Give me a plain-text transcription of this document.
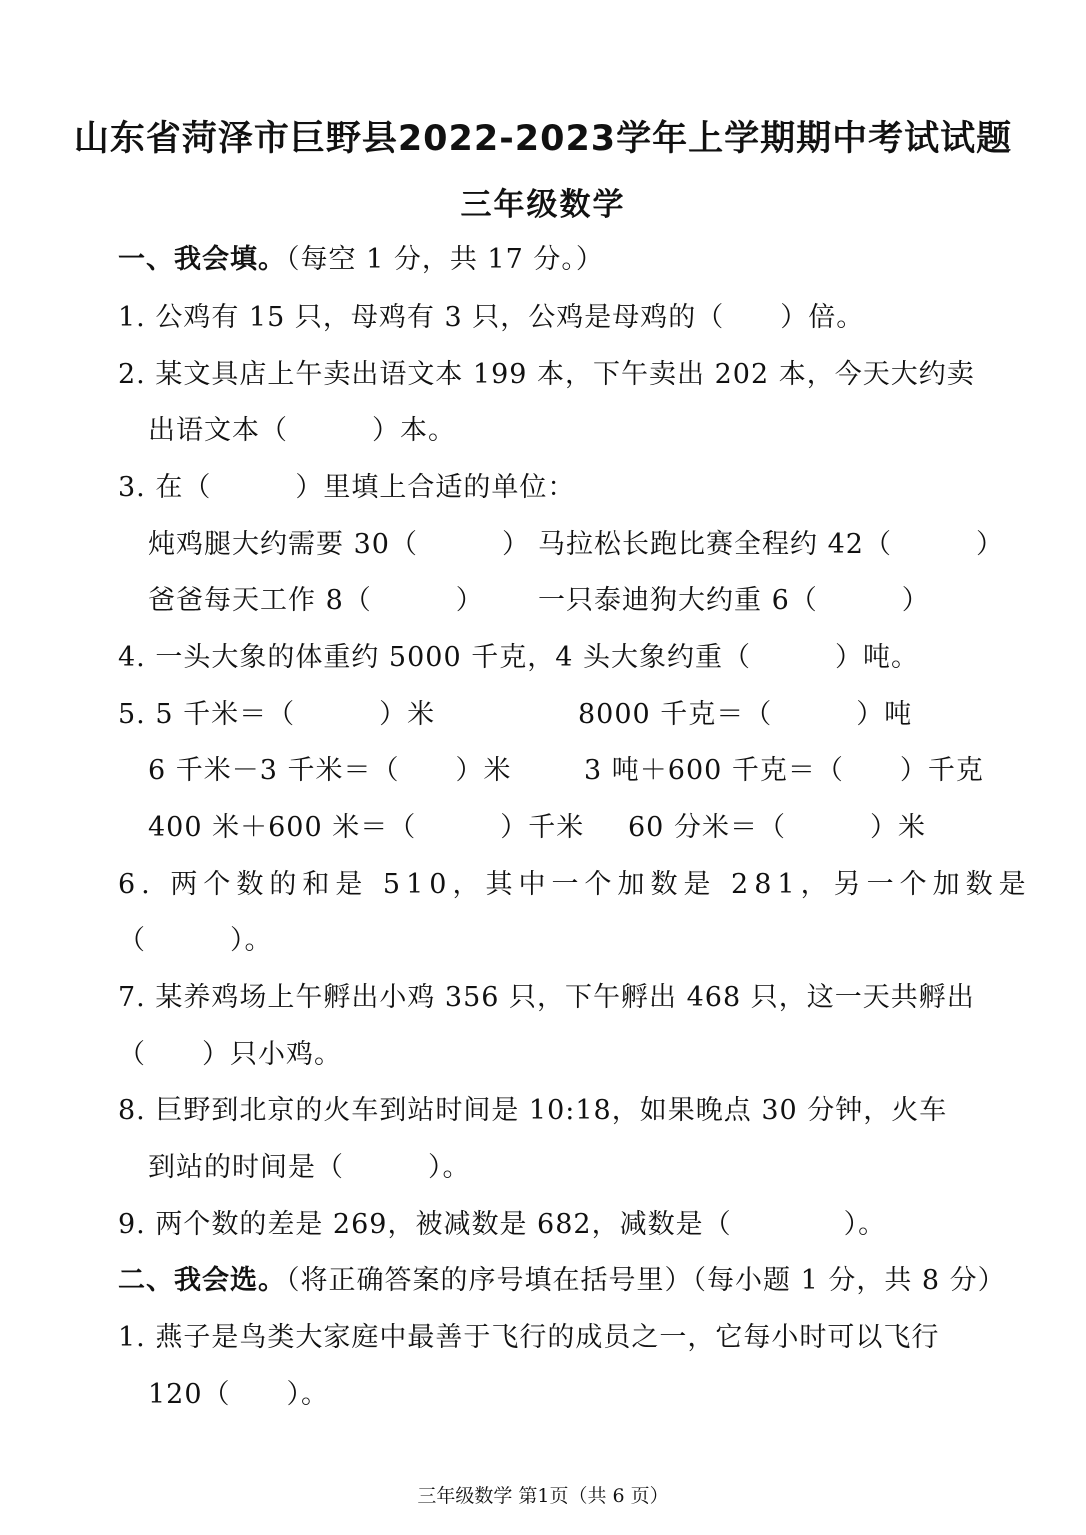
山东省菏泽市巨野县2022-2023学年上学期期中考试试题
三年级数学
一、我会填。（每空 1 分，共 17 分。）
1. 公鸡有 15 只，母鸡有 3 只，公鸡是母鸡的（　　）倍。
2. 某文具店上午卖出语文本 199 本，下午卖出 202 本，今天大约卖
出语文本（　　　）本。
3. 在（　　　）里填上合适的单位：
炖鸡腿大约需要 30（　　　） 马拉松长跑比赛全程约 42（　　　）
爸爸每天工作 8（　　　） 一只泰迪狗大约重 6（　　　）
4. 一头大象的体重约 5000 千克，4 头大象约重（　　　）吨。
5. 5 千米＝（　　　）米	8000 千克＝（　　　）吨
6 千米－3 千米＝（　　）米	3 吨＋600 千克＝（　　）千克
400 米＋600 米＝（　　　）千米 60 分米＝（　　　）米
6. 两个数的和是 510，其中一个加数是 281，另一个加数是
（　　　）。
7. 某养鸡场上午孵出小鸡 356 只，下午孵出 468 只，这一天共孵出
（　　）只小鸡。
8. 巨野到北京的火车到站时间是 10:18，如果晚点 30 分钟，火车
到站的时间是（　　　）。
9. 两个数的差是 269，被减数是 682，减数是（　　　　）。
二、我会选。（将正确答案的序号填在括号里）（每小题 1 分，共 8 分）
1. 燕子是鸟类大家庭中最善于飞行的成员之一，它每小时可以飞行
120（　　）。
三年级数学 第1页（共 6 页）
